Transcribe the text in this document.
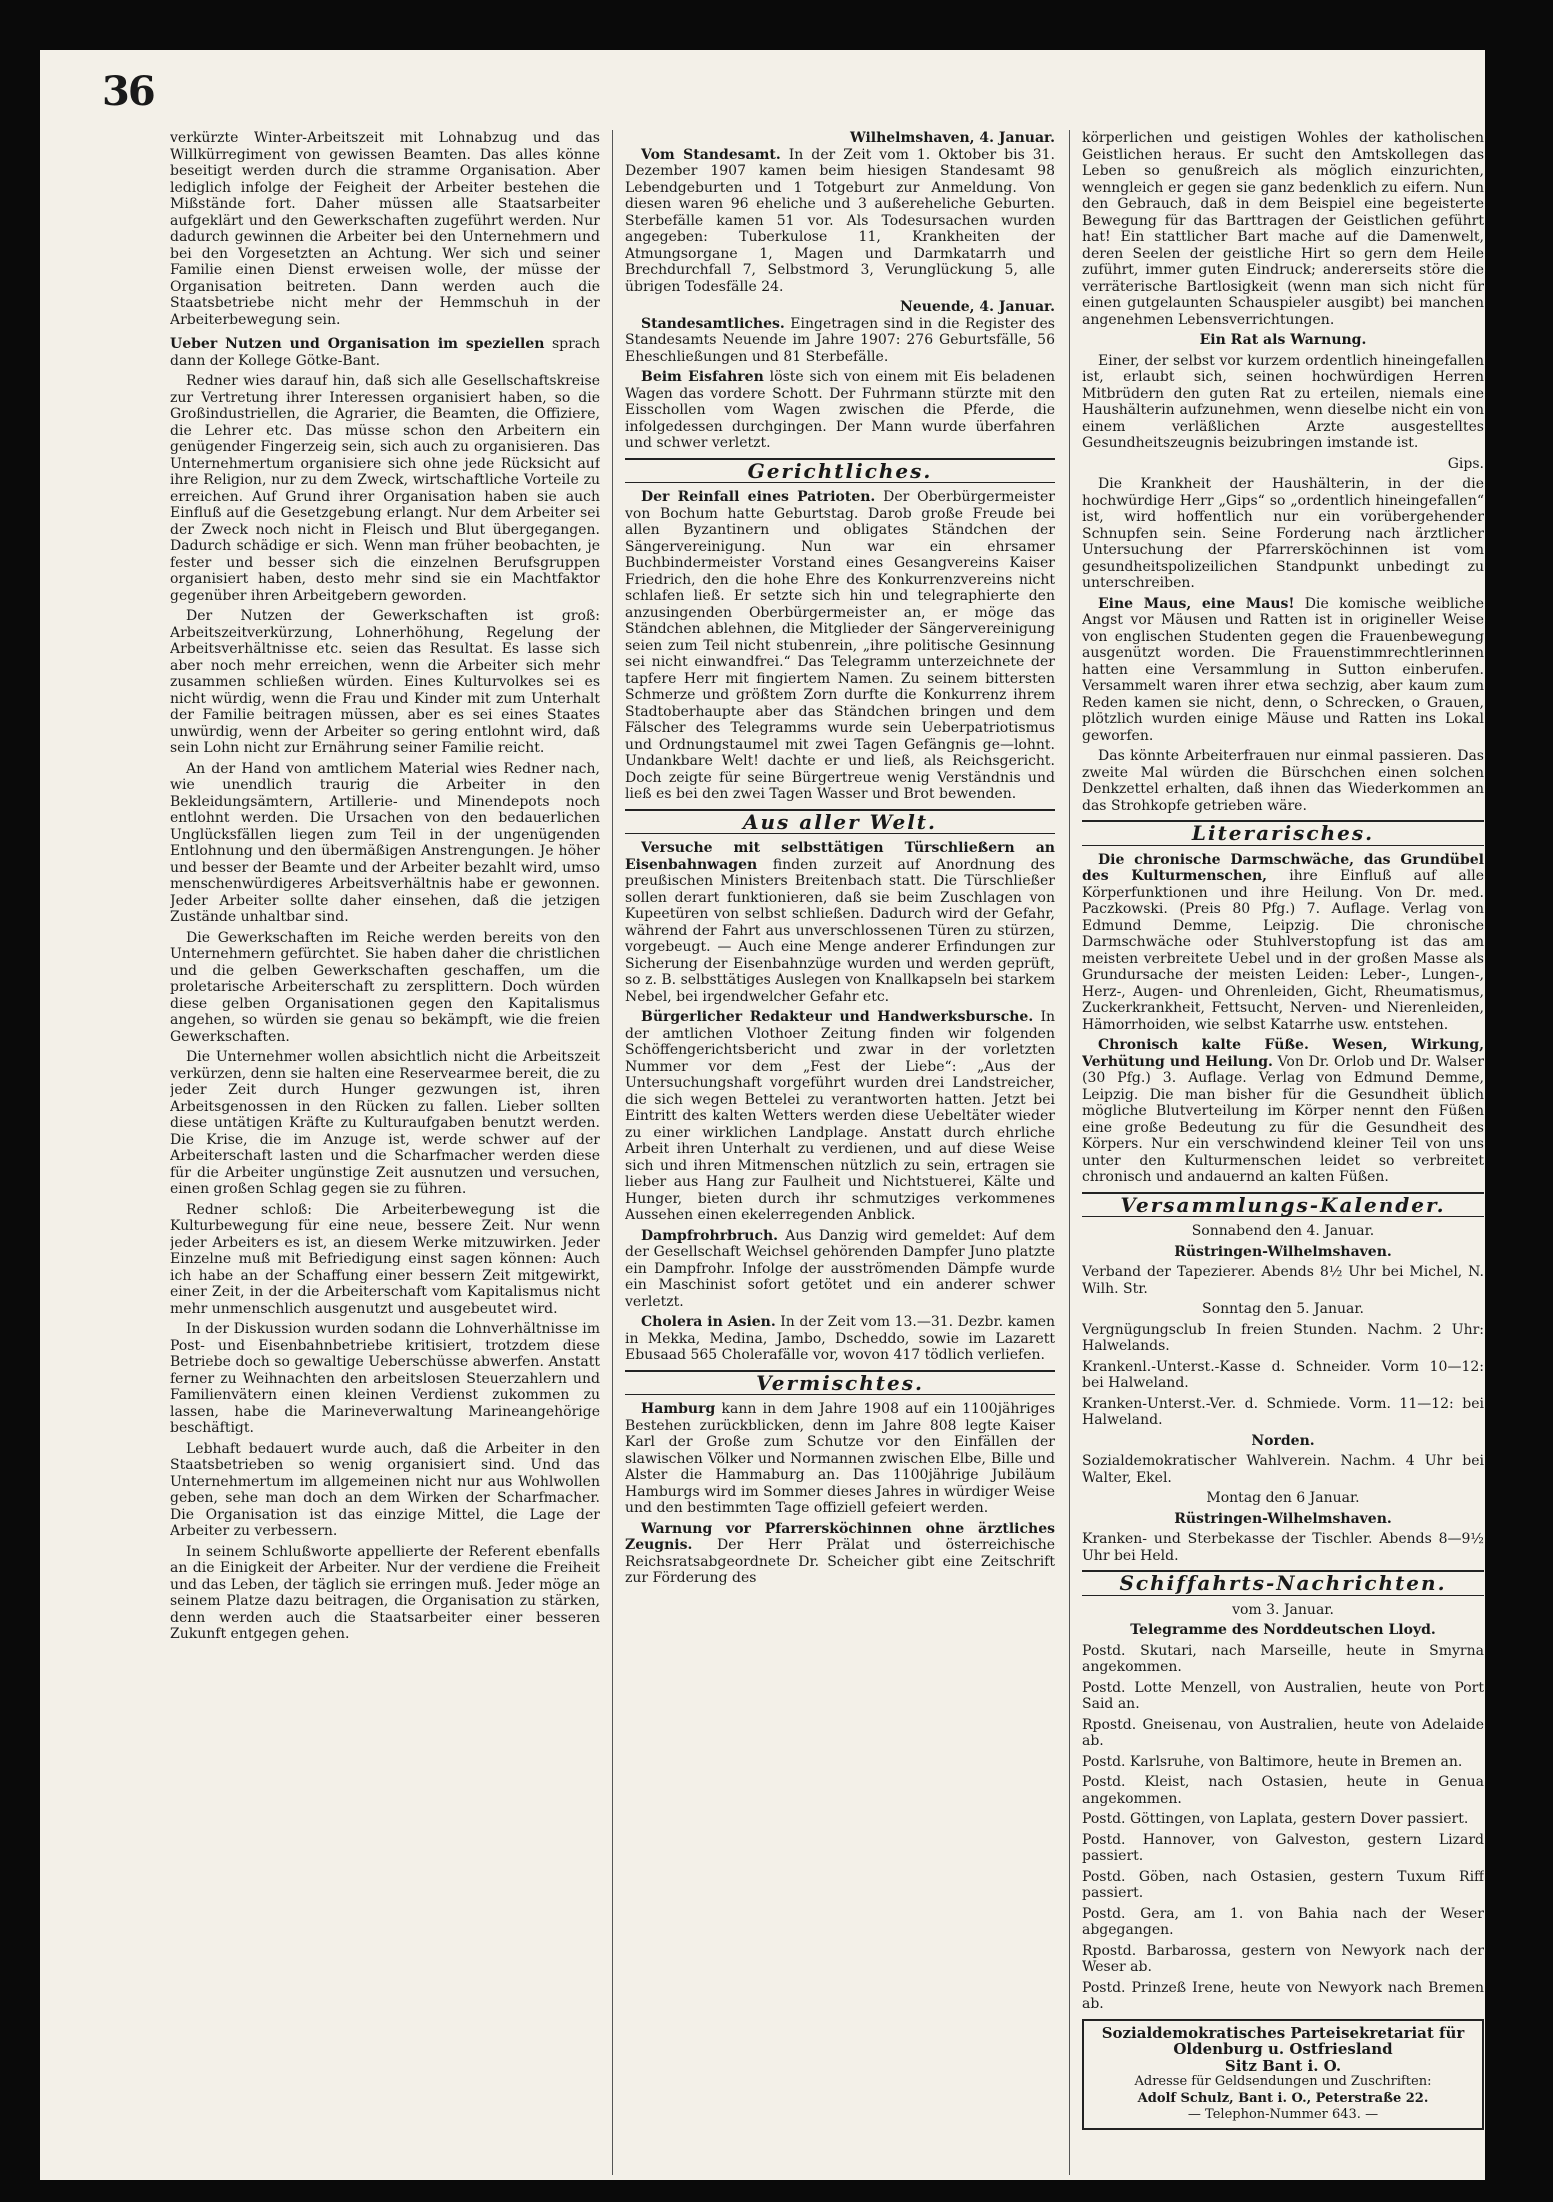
36

verkürzte Winter-Arbeitszeit mit Lohnabzug und das Willkürregiment von gewissen Beamten. Das alles könne beseitigt werden durch die stramme Organisation. Aber lediglich infolge der Feigheit der Arbeiter bestehen die Mißstände fort. Daher müssen alle Staatsarbeiter aufgeklärt und den Gewerkschaften zugeführt werden. Nur dadurch gewinnen die Arbeiter bei den Unternehmern und bei den Vorgesetzten an Achtung. Wer sich und seiner Familie einen Dienst erweisen wolle, der müsse der Organisation beitreten. Dann werden auch die Staatsbetriebe nicht mehr der Hemmschuh in der Arbeiterbewegung sein.

Ueber Nutzen und Organisation im speziellen sprach dann der Kollege Götke-Bant.

Redner wies darauf hin, daß sich alle Gesellschaftskreise zur Vertretung ihrer Interessen organisiert haben, so die Großindustriellen, die Agrarier, die Beamten, die Offiziere, die Lehrer etc. Das müsse schon den Arbeitern ein genügender Fingerzeig sein, sich auch zu organisieren. Das Unternehmertum organisiere sich ohne jede Rücksicht auf ihre Religion, nur zu dem Zweck, wirtschaftliche Vorteile zu erreichen. Auf Grund ihrer Organisation haben sie auch Einfluß auf die Gesetzgebung erlangt. Nur dem Arbeiter sei der Zweck noch nicht in Fleisch und Blut übergegangen. Dadurch schädige er sich. Wenn man früher beobachten, je fester und besser sich die einzelnen Berufsgruppen organisiert haben, desto mehr sind sie ein Machtfaktor gegenüber ihren Arbeitgebern geworden.

Der Nutzen der Gewerkschaften ist groß: Arbeitszeitverkürzung, Lohnerhöhung, Regelung der Arbeitsverhältnisse etc. seien das Resultat. Es lasse sich aber noch mehr erreichen, wenn die Arbeiter sich mehr zusammen schließen würden. Eines Kulturvolkes sei es nicht würdig, wenn die Frau und Kinder mit zum Unterhalt der Familie beitragen müssen, aber es sei eines Staates unwürdig, wenn der Arbeiter so gering entlohnt wird, daß sein Lohn nicht zur Ernährung seiner Familie reicht.

An der Hand von amtlichem Material wies Redner nach, wie unendlich traurig die Arbeiter in den Bekleidungsämtern, Artillerie- und Minendepots noch entlohnt werden. Die Ursachen von den bedauerlichen Unglücksfällen liegen zum Teil in der ungenügenden Entlohnung und den übermäßigen Anstrengungen. Je höher und besser der Beamte und der Arbeiter bezahlt wird, umso menschenwürdigeres Arbeitsverhältnis habe er gewonnen. Jeder Arbeiter sollte daher einsehen, daß die jetzigen Zustände unhaltbar sind.

Die Gewerkschaften im Reiche werden bereits von den Unternehmern gefürchtet. Sie haben daher die christlichen und die gelben Gewerkschaften geschaffen, um die proletarische Arbeiterschaft zu zersplittern. Doch würden diese gelben Organisationen gegen den Kapitalismus angehen, so würden sie genau so bekämpft, wie die freien Gewerkschaften.

Die Unternehmer wollen absichtlich nicht die Arbeitszeit verkürzen, denn sie halten eine Reservearmee bereit, die zu jeder Zeit durch Hunger gezwungen ist, ihren Arbeitsgenossen in den Rücken zu fallen. Lieber sollten diese untätigen Kräfte zu Kulturaufgaben benutzt werden. Die Krise, die im Anzuge ist, werde schwer auf der Arbeiterschaft lasten und die Scharfmacher werden diese für die Arbeiter ungünstige Zeit ausnutzen und versuchen, einen großen Schlag gegen sie zu führen.

Redner schloß: Die Arbeiterbewegung ist die Kulturbewegung für eine neue, bessere Zeit. Nur wenn jeder Arbeiters es ist, an diesem Werke mitzuwirken. Jeder Einzelne muß mit Befriedigung einst sagen können: Auch ich habe an der Schaffung einer bessern Zeit mitgewirkt, einer Zeit, in der die Arbeiterschaft vom Kapitalismus nicht mehr unmenschlich ausgenutzt und ausgebeutet wird.

In der Diskussion wurden sodann die Lohnverhältnisse im Post- und Eisenbahnbetriebe kritisiert, trotzdem diese Betriebe doch so gewaltige Ueberschüsse abwerfen. Anstatt ferner zu Weihnachten den arbeitslosen Steuerzahlern und Familienvätern einen kleinen Verdienst zukommen zu lassen, habe die Marineverwaltung Marineangehörige beschäftigt.

Lebhaft bedauert wurde auch, daß die Arbeiter in den Staatsbetrieben so wenig organisiert sind. Und das Unternehmertum im allgemeinen nicht nur aus Wohlwollen geben, sehe man doch an dem Wirken der Scharfmacher. Die Organisation ist das einzige Mittel, die Lage der Arbeiter zu verbessern.

In seinem Schlußworte appellierte der Referent ebenfalls an die Einigkeit der Arbeiter. Nur der verdiene die Freiheit und das Leben, der täglich sie erringen muß. Jeder möge an seinem Platze dazu beitragen, die Organisation zu stärken, denn werden auch die Staatsarbeiter einer besseren Zukunft entgegen gehen.

Wilhelmshaven, 4. Januar.

Vom Standesamt. In der Zeit vom 1. Oktober bis 31. Dezember 1907 kamen beim hiesigen Standesamt 98 Lebendgeburten und 1 Totgeburt zur Anmeldung. Von diesen waren 96 eheliche und 3 außereheliche Geburten. Sterbefälle kamen 51 vor. Als Todesursachen wurden angegeben: Tuberkulose 11, Krankheiten der Atmungsorgane 1, Magen und Darmkatarrh und Brechdurchfall 7, Selbstmord 3, Verunglückung 5, alle übrigen Todesfälle 24.

Neuende, 4. Januar.

Standesamtliches. Eingetragen sind in die Register des Standesamts Neuende im Jahre 1907: 276 Geburtsfälle, 56 Eheschließungen und 81 Sterbefälle.

Beim Eisfahren löste sich von einem mit Eis beladenen Wagen das vordere Schott. Der Fuhrmann stürzte mit den Eisschollen vom Wagen zwischen die Pferde, die infolgedessen durchgingen. Der Mann wurde überfahren und schwer verletzt.

Gerichtliches.

Der Reinfall eines Patrioten. Der Oberbürgermeister von Bochum hatte Geburtstag. Darob große Freude bei allen Byzantinern und obligates Ständchen der Sängervereinigung. Nun war ein ehrsamer Buchbindermeister Vorstand eines Gesangvereins Kaiser Friedrich, den die hohe Ehre des Konkurrenzvereins nicht schlafen ließ. Er setzte sich hin und telegraphierte den anzusingenden Oberbürgermeister an, er möge das Ständchen ablehnen, die Mitglieder der Sängervereinigung seien zum Teil nicht stubenrein, „ihre politische Gesinnung sei nicht einwandfrei.“ Das Telegramm unterzeichnete der tapfere Herr mit fingiertem Namen. Zu seinem bittersten Schmerze und größtem Zorn durfte die Konkurrenz ihrem Stadtoberhaupte aber das Ständchen bringen und dem Fälscher des Telegramms wurde sein Ueberpatriotismus und Ordnungstaumel mit zwei Tagen Gefängnis ge—lohnt. Undankbare Welt! dachte er und ließ, als Reichsgericht. Doch zeigte für seine Bürgertreue wenig Verständnis und ließ es bei den zwei Tagen Wasser und Brot bewenden.

Aus aller Welt.

Versuche mit selbsttätigen Türschließern an Eisenbahnwagen finden zurzeit auf Anordnung des preußischen Ministers Breitenbach statt. Die Türschließer sollen derart funktionieren, daß sie beim Zuschlagen von Kupeetüren von selbst schließen. Dadurch wird der Gefahr, während der Fahrt aus unverschlossenen Türen zu stürzen, vorgebeugt. — Auch eine Menge anderer Erfindungen zur Sicherung der Eisenbahnzüge wurden und werden geprüft, so z. B. selbsttätiges Auslegen von Knallkapseln bei starkem Nebel, bei irgendwelcher Gefahr etc.

Bürgerlicher Redakteur und Handwerksbursche. In der amtlichen Vlothoer Zeitung finden wir folgenden Schöffengerichtsbericht und zwar in der vorletzten Nummer vor dem „Fest der Liebe“: „Aus der Untersuchungshaft vorgeführt wurden drei Landstreicher, die sich wegen Bettelei zu verantworten hatten. Jetzt bei Eintritt des kalten Wetters werden diese Uebeltäter wieder zu einer wirklichen Landplage. Anstatt durch ehrliche Arbeit ihren Unterhalt zu verdienen, und auf diese Weise sich und ihren Mitmenschen nützlich zu sein, ertragen sie lieber aus Hang zur Faulheit und Nichtstuerei, Kälte und Hunger, bieten durch ihr schmutziges verkommenes Aussehen einen ekelerregenden Anblick.

Dampfrohrbruch. Aus Danzig wird gemeldet: Auf dem der Gesellschaft Weichsel gehörenden Dampfer Juno platzte ein Dampfrohr. Infolge der ausströmenden Dämpfe wurde ein Maschinist sofort getötet und ein anderer schwer verletzt.

Cholera in Asien. In der Zeit vom 13.—31. Dezbr. kamen in Mekka, Medina, Jambo, Dscheddo, sowie im Lazarett Ebusaad 565 Cholerafälle vor, wovon 417 tödlich verliefen.

Vermischtes.

Hamburg kann in dem Jahre 1908 auf ein 1100jähriges Bestehen zurückblicken, denn im Jahre 808 legte Kaiser Karl der Große zum Schutze vor den Einfällen der slawischen Völker und Normannen zwischen Elbe, Bille und Alster die Hammaburg an. Das 1100jährige Jubiläum Hamburgs wird im Sommer dieses Jahres in würdiger Weise und den bestimmten Tage offiziell gefeiert werden.

Warnung vor Pfarrersköchinnen ohne ärztliches Zeugnis. Der Herr Prälat und österreichische Reichsratsabgeordnete Dr. Scheicher gibt eine Zeitschrift zur Förderung des

körperlichen und geistigen Wohles der katholischen Geistlichen heraus. Er sucht den Amtskollegen das Leben so genußreich als möglich einzurichten, wenngleich er gegen sie ganz bedenklich zu eifern. Nun den Gebrauch, daß in dem Beispiel eine begeisterte Bewegung für das Barttragen der Geistlichen geführt hat! Ein stattlicher Bart mache auf die Damenwelt, deren Seelen der geistliche Hirt so gern dem Heile zuführt, immer guten Eindruck; andererseits störe die verräterische Bartlosigkeit (wenn man sich nicht für einen gutgelaunten Schauspieler ausgibt) bei manchen angenehmen Lebensverrichtungen.

Ein Rat als Warnung.

Einer, der selbst vor kurzem ordentlich hineingefallen ist, erlaubt sich, seinen hochwürdigen Herren Mitbrüdern den guten Rat zu erteilen, niemals eine Haushälterin aufzunehmen, wenn dieselbe nicht ein von einem verläßlichen Arzte ausgestelltes Gesundheitszeugnis beizubringen imstande ist.

Gips.

Die Krankheit der Haushälterin, in der die hochwürdige Herr „Gips“ so „ordentlich hineingefallen“ ist, wird hoffentlich nur ein vorübergehender Schnupfen sein. Seine Forderung nach ärztlicher Untersuchung der Pfarrersköchinnen ist vom gesundheitspolizeilichen Standpunkt unbedingt zu unterschreiben.

Eine Maus, eine Maus! Die komische weibliche Angst vor Mäusen und Ratten ist in origineller Weise von englischen Studenten gegen die Frauenbewegung ausgenützt worden. Die Frauenstimmrechtlerinnen hatten eine Versammlung in Sutton einberufen. Versammelt waren ihrer etwa sechzig, aber kaum zum Reden kamen sie nicht, denn, o Schrecken, o Grauen, plötzlich wurden einige Mäuse und Ratten ins Lokal geworfen.

Das könnte Arbeiterfrauen nur einmal passieren. Das zweite Mal würden die Bürschchen einen solchen Denkzettel erhalten, daß ihnen das Wiederkommen an das Strohkopfe getrieben wäre.

Literarisches.

Die chronische Darmschwäche, das Grundübel des Kulturmenschen, ihre Einfluß auf alle Körperfunktionen und ihre Heilung. Von Dr. med. Paczkowski. (Preis 80 Pfg.) 7. Auflage. Verlag von Edmund Demme, Leipzig. Die chronische Darmschwäche oder Stuhlverstopfung ist das am meisten verbreitete Uebel und in der großen Masse als Grundursache der meisten Leiden: Leber-, Lungen-, Herz-, Augen- und Ohrenleiden, Gicht, Rheumatismus, Zuckerkrankheit, Fettsucht, Nerven- und Nierenleiden, Hämorrhoiden, wie selbst Katarrhe usw. entstehen.

Chronisch kalte Füße. Wesen, Wirkung, Verhütung und Heilung. Von Dr. Orlob und Dr. Walser (30 Pfg.) 3. Auflage. Verlag von Edmund Demme, Leipzig. Die man bisher für die Gesundheit üblich mögliche Blutverteilung im Körper nennt den Füßen eine große Bedeutung zu für die Gesundheit des Körpers. Nur ein verschwindend kleiner Teil von uns unter den Kulturmenschen leidet so verbreitet chronisch und andauernd an kalten Füßen.

Versammlungs-Kalender.

Sonnabend den 4. Januar.

Rüstringen-Wilhelmshaven.

Verband der Tapezierer. Abends 8½ Uhr bei Michel, N. Wilh. Str.

Sonntag den 5. Januar.

Vergnügungsclub In freien Stunden. Nachm. 2 Uhr: Halwelands.

Krankenl.-Unterst.-Kasse d. Schneider. Vorm 10—12: bei Halweland.

Kranken-Unterst.-Ver. d. Schmiede. Vorm. 11—12: bei Halweland.

Norden.

Sozialdemokratischer Wahlverein. Nachm. 4 Uhr bei Walter, Ekel.

Montag den 6 Januar.

Rüstringen-Wilhelmshaven.

Kranken- und Sterbekasse der Tischler. Abends 8—9½ Uhr bei Held.

Schiffahrts-Nachrichten.

vom 3. Januar.

Telegramme des Norddeutschen Lloyd.

Postd. Skutari, nach Marseille, heute in Smyrna angekommen.

Postd. Lotte Menzell, von Australien, heute von Port Said an.

Rpostd. Gneisenau, von Australien, heute von Adelaide ab.

Postd. Karlsruhe, von Baltimore, heute in Bremen an.

Postd. Kleist, nach Ostasien, heute in Genua angekommen.

Postd. Göttingen, von Laplata, gestern Dover passiert.

Postd. Hannover, von Galveston, gestern Lizard passiert.

Postd. Göben, nach Ostasien, gestern Tuxum Riff passiert.

Postd. Gera, am 1. von Bahia nach der Weser abgegangen.

Rpostd. Barbarossa, gestern von Newyork nach der Weser ab.

Postd. Prinzeß Irene, heute von Newyork nach Bremen ab.

Sozialdemokratisches Parteisekretariat für Oldenburg u. Ostfriesland
Sitz Bant i. O.
Adresse für Geldsendungen und Zuschriften:
Adolf Schulz, Bant i. O., Peterstraße 22.
— Telephon-Nummer 643. —
